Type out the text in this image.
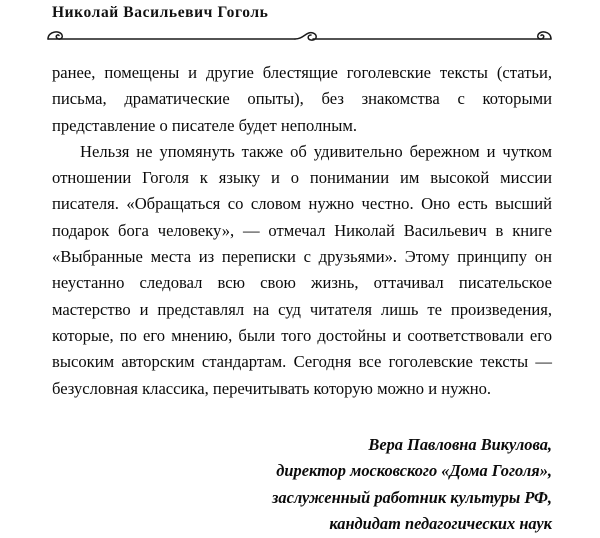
Николай Васильевич Гоголь

ранее, помещены и другие блестящие гоголевские тексты (статьи, письма, драматические опыты), без знакомства с которыми представление о писателе будет неполным.

Нельзя не упомянуть также об удивительно бережном и чутком отношении Гоголя к языку и о понимании им высокой миссии писателя. «Обращаться со словом нужно честно. Оно есть высший подарок бога человеку», — отмечал Николай Васильевич в книге «Выбранные места из переписки с друзьями». Этому принципу он неустанно следовал всю свою жизнь, оттачивал писательское мастерство и представлял на суд читателя лишь те произведения, которые, по его мнению, были того достойны и соответствовали его высоким авторским стандартам. Сегодня все гоголевские тексты — безусловная классика, перечитывать которую можно и нужно.

Вера Павловна Викулова,
директор московского «Дома Гоголя»,
заслуженный работник культуры РФ,
кандидат педагогических наук
